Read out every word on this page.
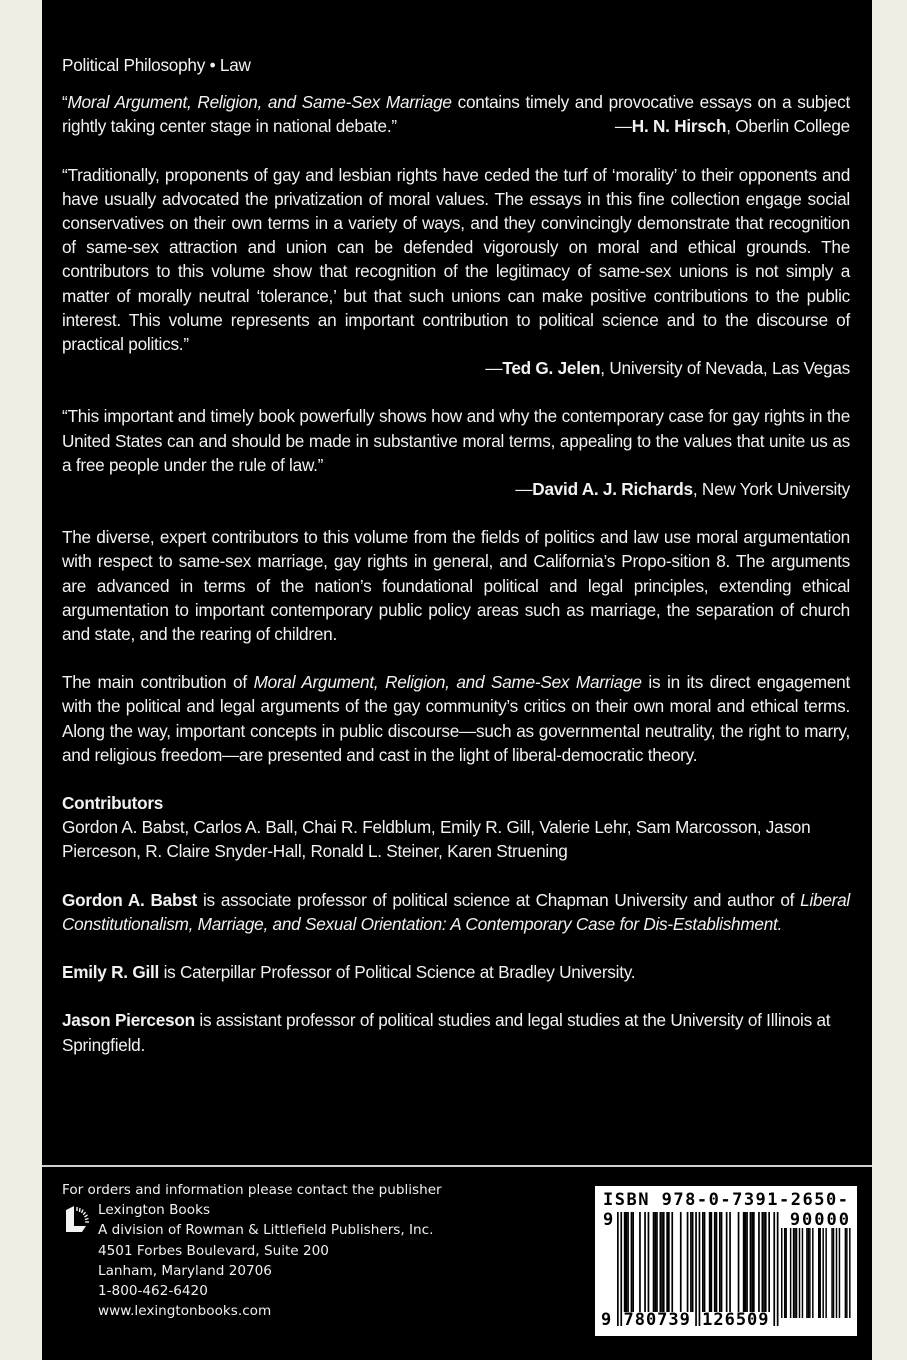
Political Philosophy • Law

“Moral Argument, Religion, and Same-Sex Marriage contains timely and provocative essays on a subject rightly taking center stage in national debate.”	—H. N. Hirsch, Oberlin College

“Traditionally, proponents of gay and lesbian rights have ceded the turf of ‘morality’ to their opponents and have usually advocated the privatization of moral values. The essays in this fine collection engage social conservatives on their own terms in a variety of ways, and they convincingly demonstrate that recognition of same-sex attraction and union can be defended vigorously on moral and ethical grounds. The contributors to this volume show that recognition of the legitimacy of same-sex unions is not simply a matter of morally neutral ‘tolerance,’ but that such unions can make positive contributions to the public interest. This volume represents an important contribution to political science and to the discourse of practical politics.”

—Ted G. Jelen, University of Nevada, Las Vegas

“This important and timely book powerfully shows how and why the contemporary case for gay rights in the United States can and should be made in substantive moral terms, appealing to the values that unite us as a free people under the rule of law.”

—David A. J. Richards, New York University

The diverse, expert contributors to this volume from the fields of politics and law use moral argumentation with respect to same-sex marriage, gay rights in general, and California’s Propo-sition 8. The arguments are advanced in terms of the nation’s foundational political and legal principles, extending ethical argumentation to important contemporary public policy areas such as marriage, the separation of church and state, and the rearing of children.

The main contribution of Moral Argument, Religion, and Same-Sex Marriage is in its direct engagement with the political and legal arguments of the gay community’s critics on their own moral and ethical terms. Along the way, important concepts in public discourse—such as governmental neutrality, the right to marry, and religious freedom—are presented and cast in the light of liberal-democratic theory.

Contributors

Gordon A. Babst, Carlos A. Ball, Chai R. Feldblum, Emily R. Gill, Valerie Lehr, Sam Marcosson, Jason Pierceson, R. Claire Snyder-Hall, Ronald L. Steiner, Karen Struening

Gordon A. Babst is associate professor of political science at Chapman University and author of Liberal Constitutionalism, Marriage, and Sexual Orientation: A Contemporary Case for Dis-Establishment.

Emily R. Gill is Caterpillar Professor of Political Science at Bradley University.

Jason Pierceson is assistant professor of political studies and legal studies at the University of Illinois at Springfield.

For orders and information please contact the publisher
Lexington Books
A division of Rowman & Littlefield Publishers, Inc.
4501 Forbes Boulevard, Suite 200
Lanham, Maryland 20706
1-800-462-6420
www.lexingtonbooks.com
ISBN 978-0-7391-2650-9	90000
9 780739 126509
